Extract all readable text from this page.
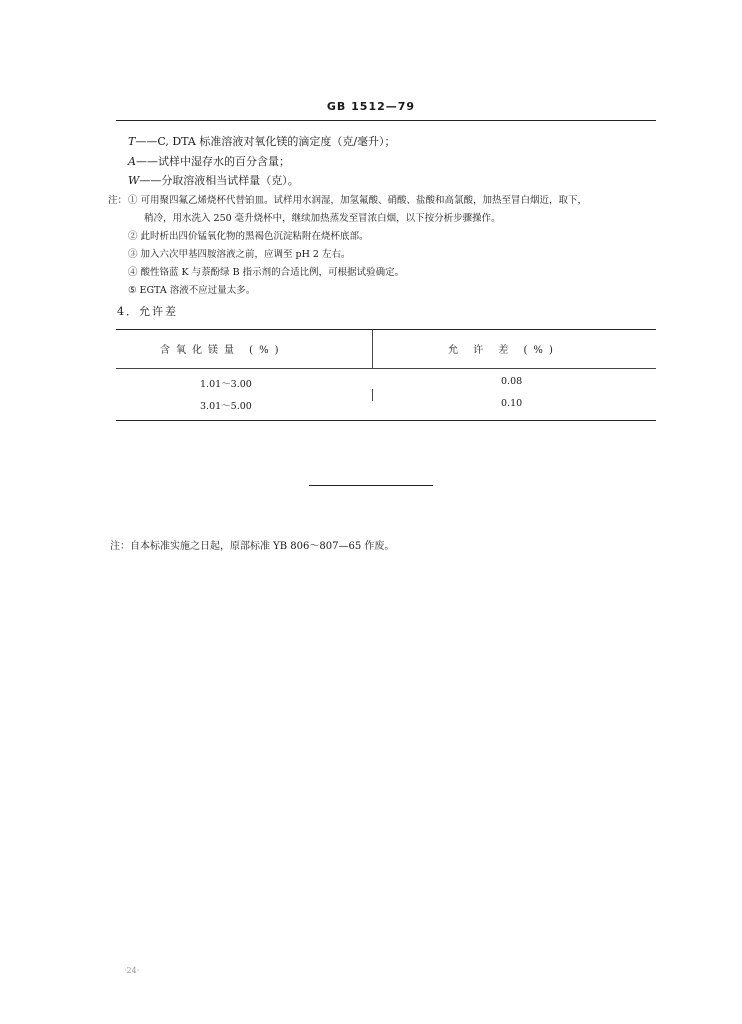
GB 1512—79
T——C, DTA 标准溶液对氧化镁的滴定度（克/毫升）；
A——试样中湿存水的百分含量；
W——分取溶液相当试样量（克）。
注： ① 可用聚四氟乙烯烧杯代替铂皿。试样用水润湿，加氢氟酸、硝酸、盐酸和高氯酸，加热至冒白烟近，取下，
稍冷，用水洗入 250 毫升烧杯中，继续加热蒸发至冒浓白烟，以下按分析步骤操作。
② 此时析出四价锰氧化物的黑褐色沉淀粘附在烧杯底部。
③ 加入六次甲基四胺溶液之前，应调至 pH 2 左右。
④ 酸性铬蓝 K 与萘酚绿 B 指示剂的合适比例，可根据试验确定。
⑤ EGTA 溶液不应过量太多。
4．允许差
含氧化镁量 (%)	允 许 差 (%)
1.01～3.00	0.08
3.01～5.00	0.10
注：自本标准实施之日起，原部标准 YB 806～807—65 作废。
·24·
